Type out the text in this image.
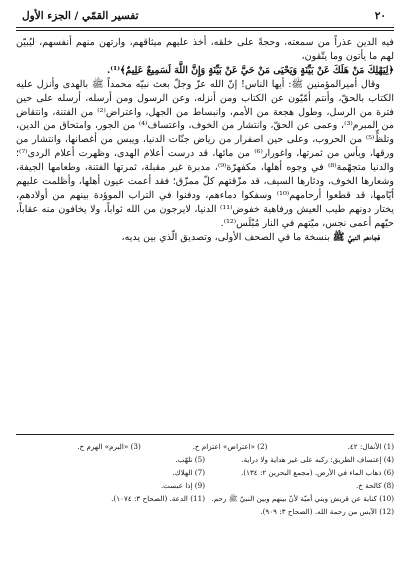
٢٠
تفسير القمّي / الجزء الأول

فيه الدين عذراً من سمعته، وحجةً على خلقه، أخذ عليهم ميثاقهم، وارتهن منهم أنفسهم، ليُبيّن لهم ما يأتون وما يتّقون،

﴿لِيَهْلِكَ مَنْ هَلَكَ عَنْ بَيِّنَةٍ وَيَحْيَى مَنْ حَيَّ عَنْ بَيِّنَةٍ وَإِنَّ اللَّهَ لَسَمِيعٌ عَلِيمٌ﴾⁽¹⁾.

وقال أميرالمؤمنين ﷺ: أيها الناس! إنّ الله عزّ وجلّ بعث نبيّه محمداً ﷺ بالهدى وأنزل عليه الكتاب بالحقّ، وأنتم أمّيّون عن الكتاب ومن أنزله، وعن الرسول ومن أرسله، أرسله على حين فترة من الرسل، وطول هجعة من الأمم، وانبساط من الجهل، واعتراض⁽²⁾ من الفتنة، وانتقاض من المبرم⁽³⁾، وعمى عن الحقّ، وانتشار من الخوف، واعتساف⁽⁴⁾ من الجور، وامتحاق من الدين، وتلظٍّ⁽⁵⁾ من الحروب، وعلى حين اصفرار من رياض جنّات الدنيا، ويبس من أغصانها، وانتشار من ورقها، ويأس من ثمرتها، واغورار⁽⁶⁾ من مائها، قد درست أعلام الهدى، وظهرت أعلام الردى⁽⁷⁾؛ والدنيا متجهّمة⁽⁸⁾ في وجوه أهلها، مكفهرّة⁽⁹⁾، مدبرة غير مقبلة، ثمرتها الفتنة، وطعامها الجيفة، وشعارها الخوف، ودثارها السيف، قد مزّقتهم كلّ ممزّق؛ فقد أعمت عيون أهلها، وأظلمت عليهم أيّامها، قد قطعوا أرحامهم⁽¹⁰⁾ وسفكوا دماءهم، ودفنوا في التراب الموؤدة بينهم من أولادهم، يختار دونهم طيب العيش ورفاهية خفوض⁽¹¹⁾ الدنيا، لايرجون من الله ثواباً، ولا يخافون منه عقاباً، حيّهم أعمى نجس، ميّتهم في النار مُبْلَس⁽¹²⁾.

فجاءهم النبيّ ﷺ بنسخة ما في الصحف الأولى، وتصديق الّذي بين يديه،

(1) الأنفال: ٤٢.
(2) «اعتراض» اعتزام خ.
(3) «البرم» الهرم خ.
(4) إعتساف الطريق: ركبه على غير هداية ولا دراية.
(5) تلهّب.
(6) ذهاب الماء في الأرض. (مجمع البحرين ٢: ١٣٤).
(7) الهلاك.
(8) كالحة خ.
(9) إذا عبست.
(10) كناية عن قريش وبني أميّة لأنّ بينهم وبين النبيّ ﷺ رحم.
(11) الدعة. (الصحاح ٣: ١٠٧٤).
(12) الآيس من رحمة الله. (الصحاح ٣: ٩٠٩).
